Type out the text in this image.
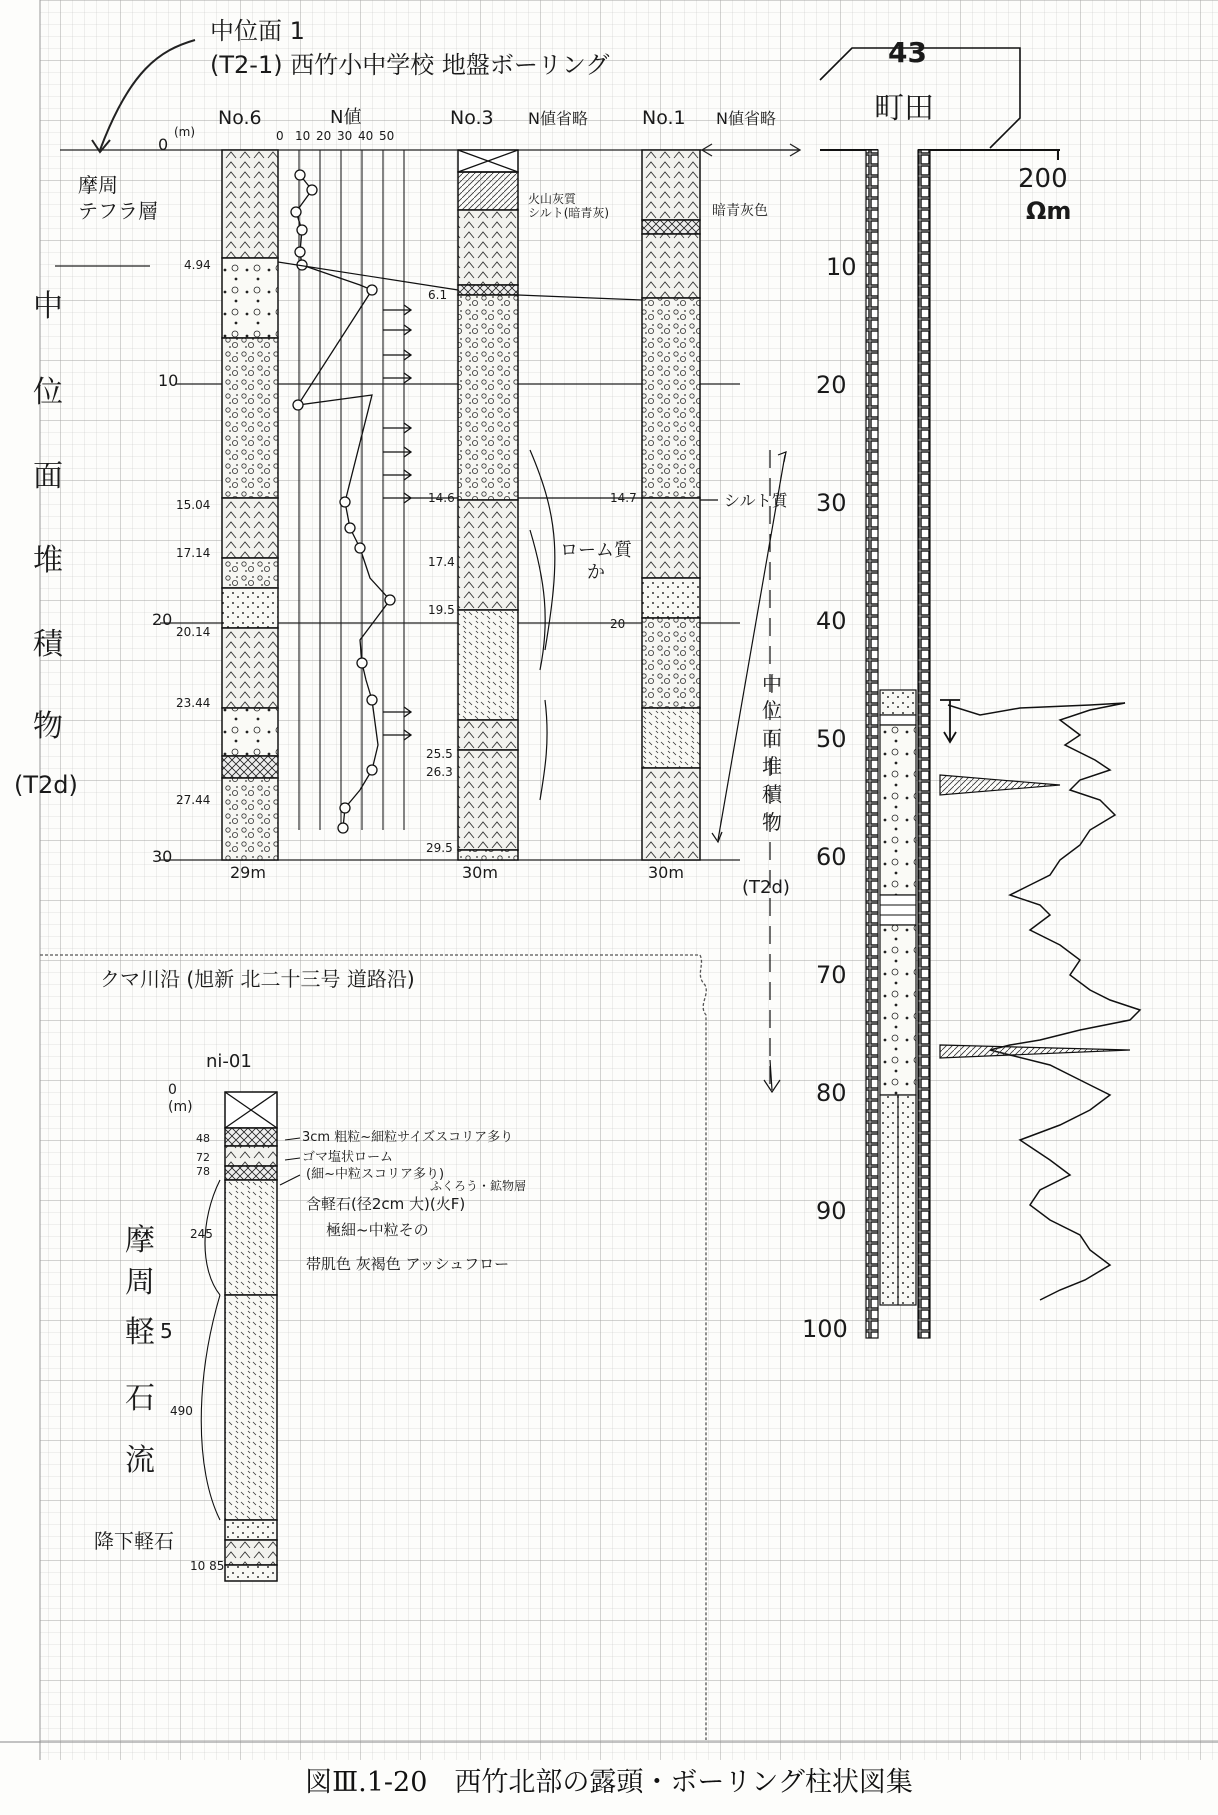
中位面 1
(T2-1) 西竹小中学校 地盤ボーリング
No.6	N値
0 10 20 30 40 50
No.3 N値省略	No.1 N値省略
0
(m)
10
20
30
29m	30m	30m
摩周
テフラ層
中
位
面
堆
積
物
(T2d)
4.94
15.04
17.14
20.14
23.44
27.44
6.1
14.6
17.4
19.5
25.5
26.3
29.5
14.7
20
火山灰質
シルト(暗青灰)	暗青灰色
ローム質
か
シルト質
中
位
面
堆
積
物
(T2d)
クマ川沿 (旭新 北二十三号 道路沿)
ni-01
0
(m)
48
72
78
245
490
10 85
3cm 粗粒~細粒サイズスコリア多り
ゴマ塩状ローム
(細~中粒スコリア多り)
ふくろう・鉱物層
含軽石(径2cm 大)(火F)
極細~中粒その
帯肌色 灰褐色 アッシュフロー
摩
周
軽 5
石
流
降下軽石
43
町田
200
Ωm
10
20
30
40
50
60
70
80
90
100
図Ⅲ.1-20　西竹北部の露頭・ボーリング柱状図集
